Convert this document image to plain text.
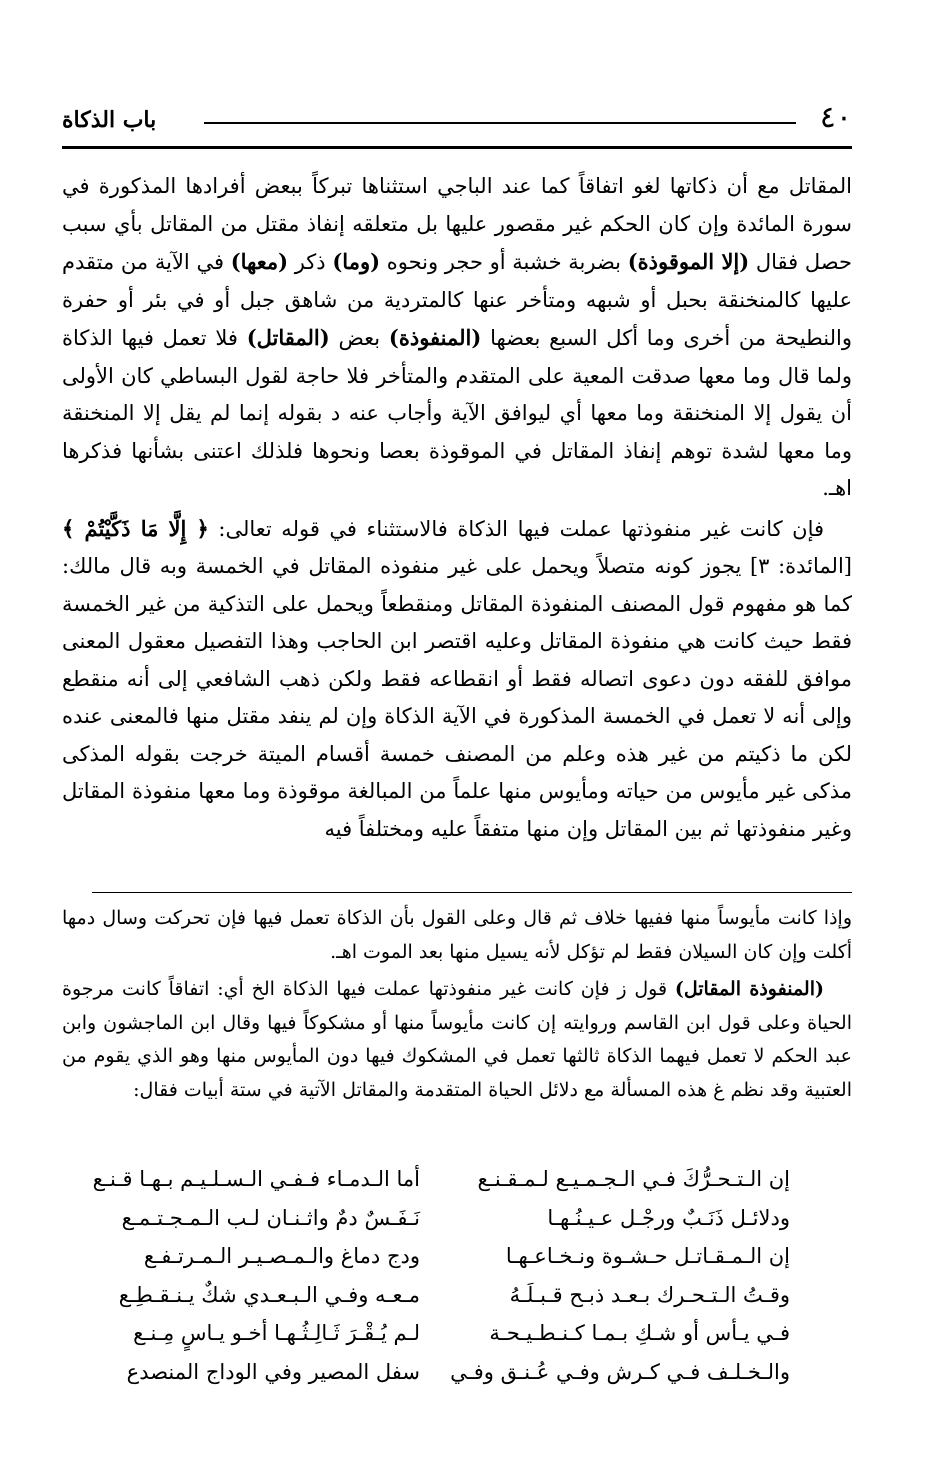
٤٠
باب الذكاة

المقاتل مع أن ذكاتها لغو اتفاقاً كما عند الباجي استثناها تبركاً ببعض أفرادها المذكورة في سورة المائدة وإن كان الحكم غير مقصور عليها بل متعلقه إنفاذ مقتل من المقاتل بأي سبب حصل فقال (إلا الموقوذة) بضربة خشبة أو حجر ونحوه (وما) ذكر (معها) في الآية من متقدم عليها كالمنخنقة بحبل أو شبهه ومتأخر عنها كالمتردية من شاهق جبل أو في بئر أو حفرة والنطيحة من أخرى وما أكل السبع بعضها (المنفوذة) بعض (المقاتل) فلا تعمل فيها الذكاة ولما قال وما معها صدقت المعية على المتقدم والمتأخر فلا حاجة لقول البساطي كان الأولى أن يقول إلا المنخنقة وما معها أي ليوافق الآية وأجاب عنه د بقوله إنما لم يقل إلا المنخنقة وما معها لشدة توهم إنفاذ المقاتل في الموقوذة بعصا ونحوها فلذلك اعتنى بشأنها فذكرها اهـ.

فإن كانت غير منفوذتها عملت فيها الذكاة فالاستثناء في قوله تعالى: ﴿ إِلَّا مَا ذَكَّيْتُمْ ﴾ [المائدة: ٣] يجوز كونه متصلاً ويحمل على غير منفوذه المقاتل في الخمسة وبه قال مالك: كما هو مفهوم قول المصنف المنفوذة المقاتل ومنقطعاً ويحمل على التذكية من غير الخمسة فقط حيث كانت هي منفوذة المقاتل وعليه اقتصر ابن الحاجب وهذا التفصيل معقول المعنى موافق للفقه دون دعوى اتصاله فقط أو انقطاعه فقط ولكن ذهب الشافعي إلى أنه منقطع وإلى أنه لا تعمل في الخمسة المذكورة في الآية الذكاة وإن لم ينفد مقتل منها فالمعنى عنده لكن ما ذكيتم من غير هذه وعلم من المصنف خمسة أقسام الميتة خرجت بقوله المذكى مذكى غير مأيوس من حياته ومأيوس منها علماً من المبالغة موقوذة وما معها منفوذة المقاتل وغير منفوذتها ثم بين المقاتل وإن منها متفقاً عليه ومختلفاً فيه

وإذا كانت مأيوساً منها ففيها خلاف ثم قال وعلى القول بأن الذكاة تعمل فيها فإن تحركت وسال دمها أكلت وإن كان السيلان فقط لم تؤكل لأنه يسيل منها بعد الموت اهـ.

(المنفوذة المقاتل) قول ز فإن كانت غير منفوذتها عملت فيها الذكاة الخ أي: اتفاقاً كانت مرجوة الحياة وعلى قول ابن القاسم وروايته إن كانت مأيوساً منها أو مشكوكاً فيها وقال ابن الماجشون وابن عبد الحكم لا تعمل فيهما الذكاة ثالثها تعمل في المشكوك فيها دون المأيوس منها وهو الذي يقوم من العتبية وقد نظم غ هذه المسألة مع دلائل الحياة المتقدمة والمقاتل الآتية في ستة أبيات فقال:

إن الـتـحـرُّكَ فـي الـجـمـيـع لـمـقـنـع
أما الـدمـاء فـفـي الـسـلـيـم بـهـا قـنـع
ودلائـل ذَنَـبٌ ورجْـل عـيـنُـهـا
نَـفَـسٌ دمٌ واثـنـان لـب الـمـجـتـمـع
إن الـمـقـاتـل حـشـوة ونـخـاعـهـا
ودج دماغ والـمـصـيـر الـمـرتـفـع
وقـتُ الـتـحـرك بـعـد ذبـح قـبـلَـهُ
مـعـه وفـي الـبـعـدي شكٌ يـنـقـطِـع
فـي يـأس أو شـكِ بـمـا كـنـطـيـحـة
لـم يُـقْـرَ ثَـالِـثُـهـا أخـو يـاسٍ مِـنـع
والـخـلـف فـي كـرش وفـي عُـنـق وفـي
سفل المصير وفي الوداج المنصدع
